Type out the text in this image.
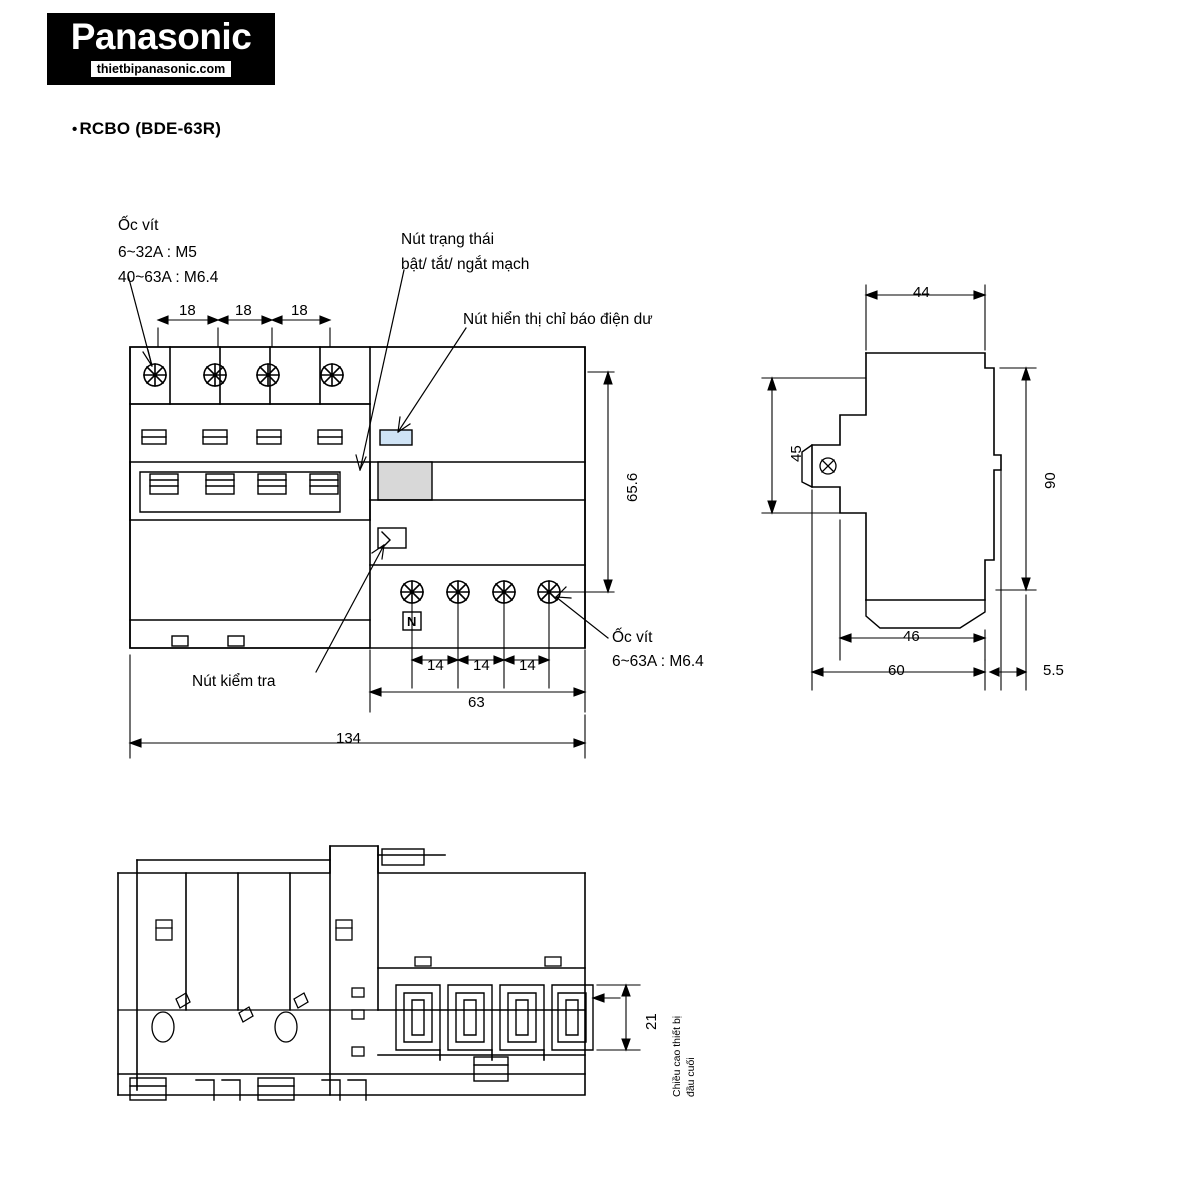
Panasonic
thietbipanasonic.com
• RCBO (BDE-63R)
Ốc vít
6~32A : M5
40~63A : M6.4
Nút trạng thái
bật/ tắt/ ngắt mạch
Nút hiển thị chỉ báo điện dư
Nút kiểm tra
Ốc vít
6~63A : M6.4
18	18	18
65.6
14 14 14
63
134
44
45
90
46
60	5.5
21 Chiều cao thiết bị đầu cuối
N
